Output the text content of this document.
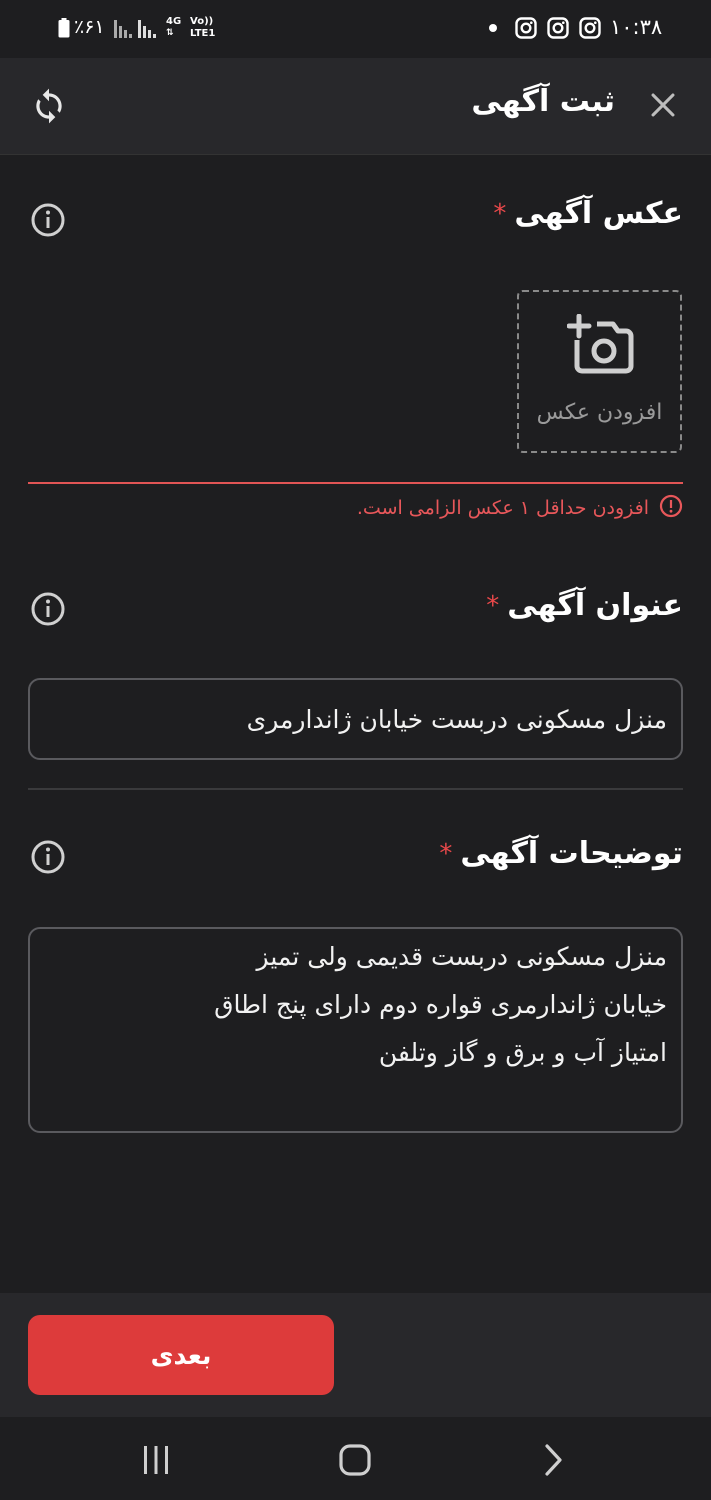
٪۶۱	4G
⇅
Vo))
LTE1	۱۰:۳۸
ثبت آگهی
عکس آگهی
*
افزودن عکس
افزودن حداقل ۱ عکس الزامی است.
عنوان آگهی
*
منزل مسکونی دربست خیابان ژاندارمری
توضیحات آگهی
*
منزل مسکونی دربست قدیمی ولی تمیز خیابان ژاندارمری قواره دوم دارای پنج اطاق امتیاز آب و برق و گاز وتلفن
بعدی
